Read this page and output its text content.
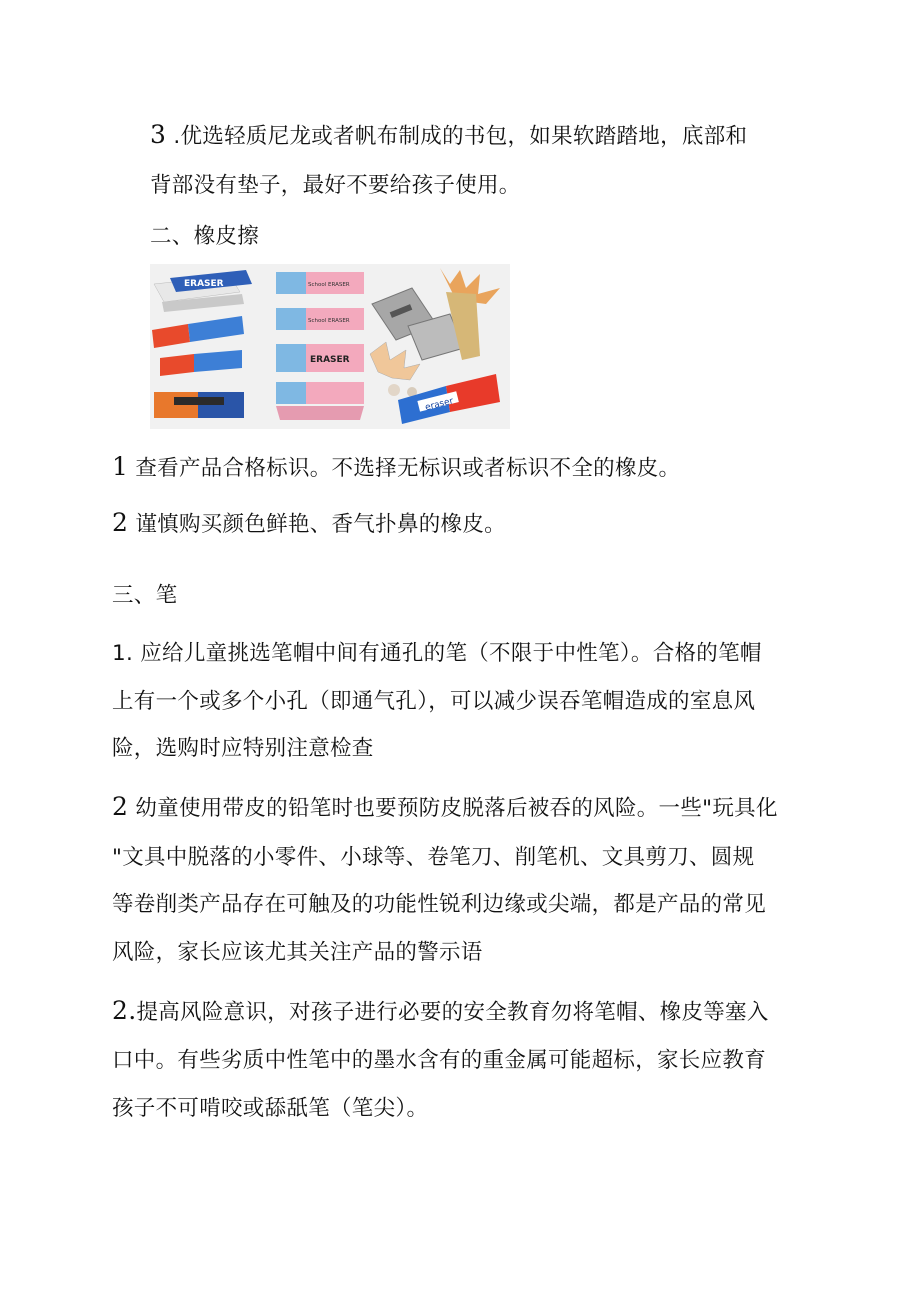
3 .优选轻质尼龙或者帆布制成的书包，如果软踏踏地，底部和
背部没有垫子，最好不要给孩子使用。
二、橡皮擦
ERASER	School ERASER
School ERASER
ERASER
eraser
1 查看产品合格标识。不选择无标识或者标识不全的橡皮。
2 谨慎购买颜色鲜艳、香气扑鼻的橡皮。
三、笔
1. 应给儿童挑选笔帽中间有通孔的笔（不限于中性笔）。合格的笔帽
上有一个或多个小孔（即通气孔），可以减少误吞笔帽造成的室息风
险，选购时应特别注意检查
2 幼童使用带皮的铅笔时也要预防皮脱落后被吞的风险。一些"玩具化
"文具中脱落的小零件、小球等、卷笔刀、削笔机、文具剪刀、圆规
等卷削类产品存在可触及的功能性锐利边缘或尖端，都是产品的常见
风险，家长应该尤其关注产品的警示语
2.提高风险意识，对孩子进行必要的安全教育勿将笔帽、橡皮等塞入
口中。有些劣质中性笔中的墨水含有的重金属可能超标，家长应教育
孩子不可啃咬或舔舐笔（笔尖）。
